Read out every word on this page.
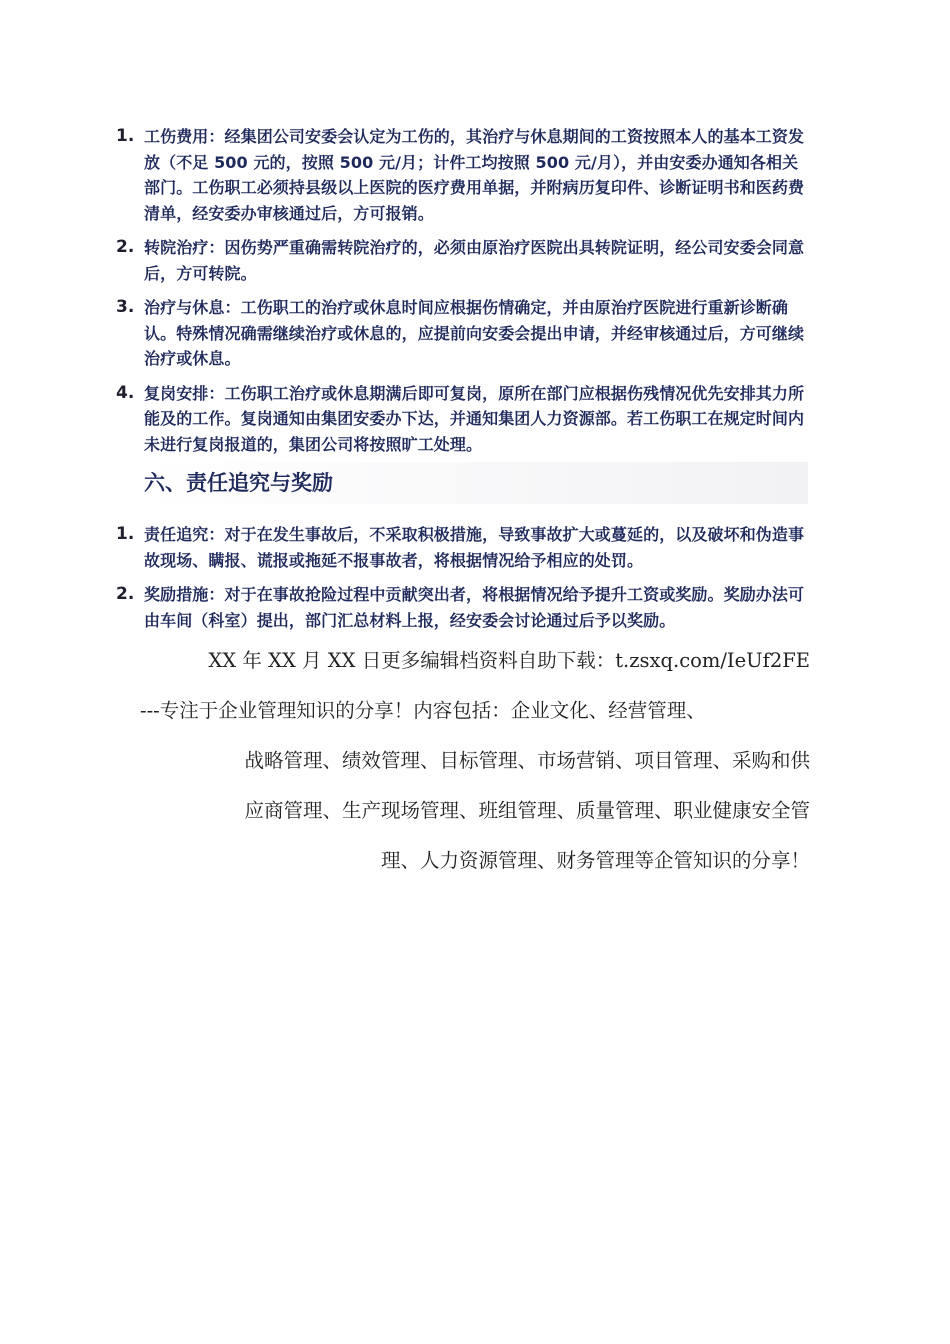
1. 工伤费用：经集团公司安委会认定为工伤的，其治疗与休息期间的工资按照本人的基本工资发放（不足 500 元的，按照 500 元/月；计件工均按照 500 元/月），并由安委办通知各相关部门。工伤职工必须持县级以上医院的医疗费用单据，并附病历复印件、诊断证明书和医药费清单，经安委办审核通过后，方可报销。
2. 转院治疗：因伤势严重确需转院治疗的，必须由原治疗医院出具转院证明，经公司安委会同意后，方可转院。
3. 治疗与休息：工伤职工的治疗或休息时间应根据伤情确定，并由原治疗医院进行重新诊断确认。特殊情况确需继续治疗或休息的，应提前向安委会提出申请，并经审核通过后，方可继续治疗或休息。
4. 复岗安排：工伤职工治疗或休息期满后即可复岗，原所在部门应根据伤残情况优先安排其力所能及的工作。复岗通知由集团安委办下达，并通知集团人力资源部。若工伤职工在规定时间内未进行复岗报道的，集团公司将按照旷工处理。
六、责任追究与奖励
1. 责任追究：对于在发生事故后，不采取积极措施，导致事故扩大或蔓延的，以及破坏和伪造事故现场、瞒报、谎报或拖延不报事故者，将根据情况给予相应的处罚。
2. 奖励措施：对于在事故抢险过程中贡献突出者，将根据情况给予提升工资或奖励。奖励办法可由车间（科室）提出，部门汇总材料上报，经安委会讨论通过后予以奖励。

XX 年 XX 月 XX 日更多编辑档资料自助下载：t.zsxq.com/IeUf2FE

---专注于企业管理知识的分享！内容包括：企业文化、经营管理、

战略管理、绩效管理、目标管理、市场营销、项目管理、采购和供

应商管理、生产现场管理、班组管理、质量管理、职业健康安全管

理、人力资源管理、财务管理等企管知识的分享！
